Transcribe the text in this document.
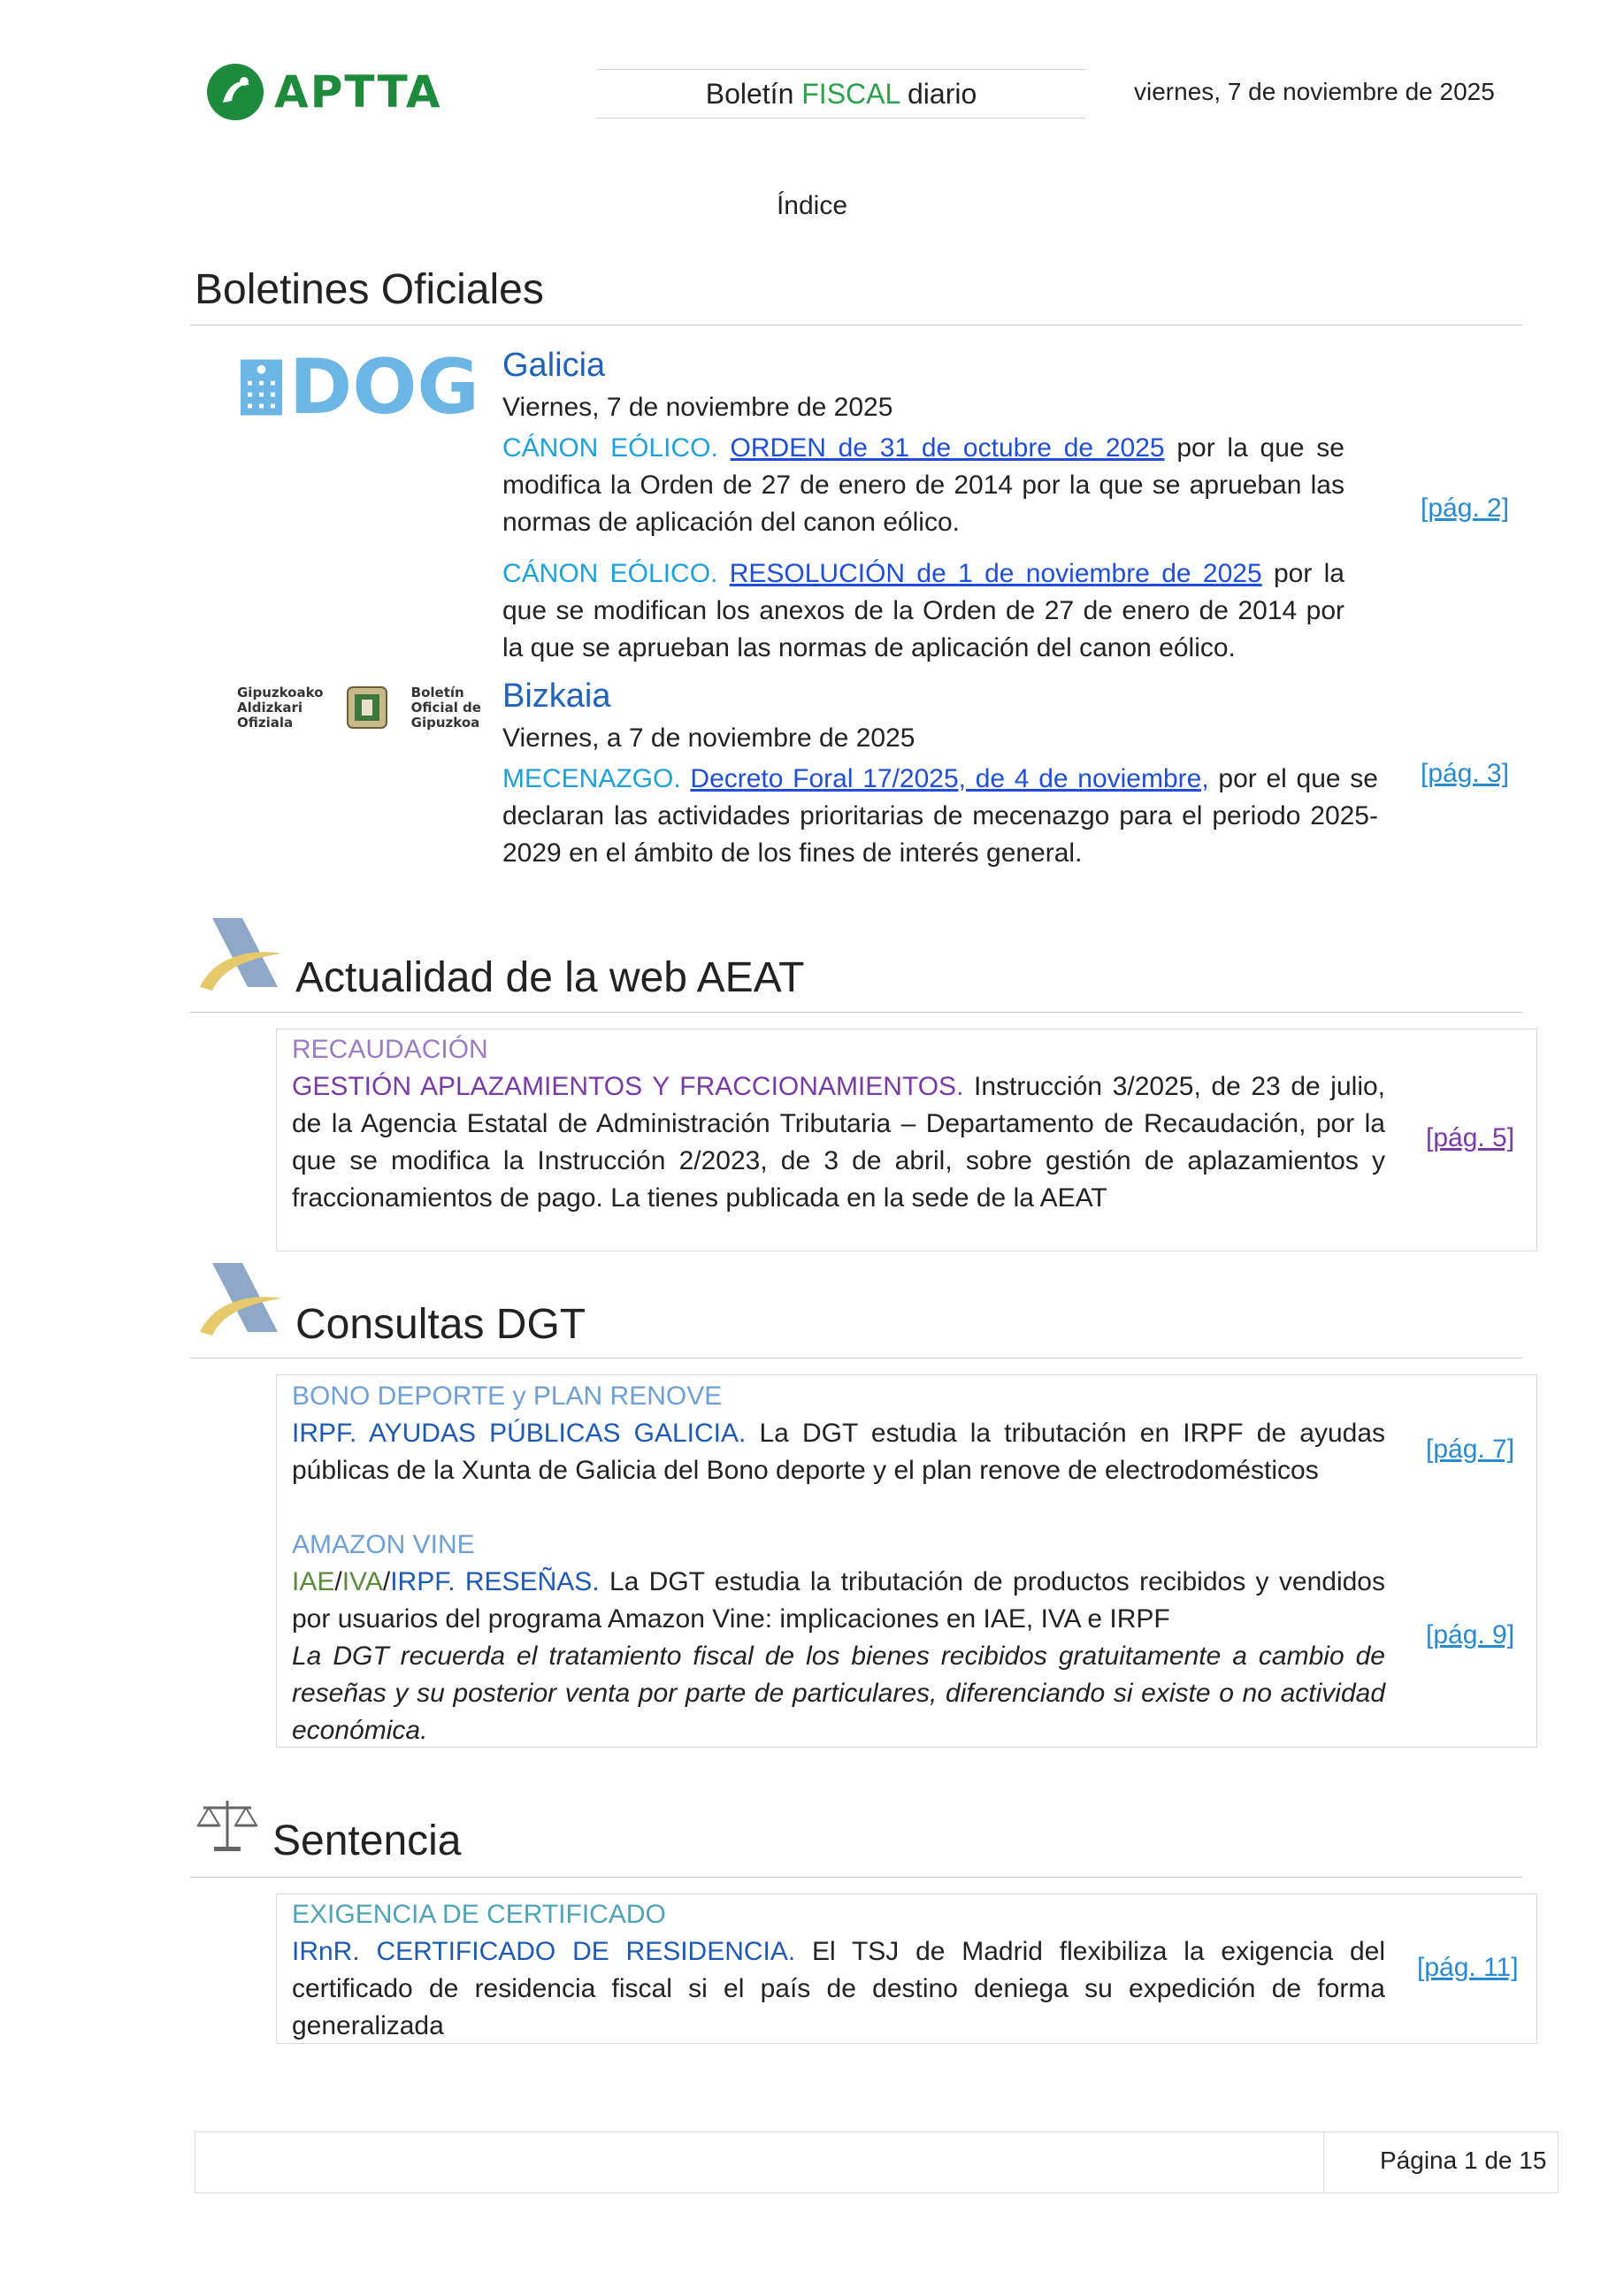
APTTA	Boletín FISCAL diario	viernes, 7 de noviembre de 2025
Índice
Boletines Oficiales
DOG Galicia
Viernes, 7 de noviembre de 2025
CÁNON EÓLICO. ORDEN de 31 de octubre de 2025 por la que se modifica la Orden de 27 de enero de 2014 por la que se aprueban las normas de aplicación del canon eólico.
CÁNON EÓLICO. RESOLUCIÓN de 1 de noviembre de 2025 por la que se modifican los anexos de la Orden de 27 de enero de 2014 por la que se aprueban las normas de aplicación del canon eólico.
[pág. 2]
Gipuzkoako
Aldizkari
Ofiziala
Boletín
Oficial de
Gipuzkoa
Bizkaia
Viernes, a 7 de noviembre de 2025
MECENAZGO. Decreto Foral 17/2025, de 4 de noviembre, por el que se declaran las actividades prioritarias de mecenazgo para el periodo 2025-2029 en el ámbito de los fines de interés general.
[pág. 3]
Actualidad de la web AEAT
RECAUDACIÓN
GESTIÓN APLAZAMIENTOS Y FRACCIONAMIENTOS. Instrucción 3/2025, de 23 de julio, de la Agencia Estatal de Administración Tributaria – Departamento de Recaudación, por la que se modifica la Instrucción 2/2023, de 3 de abril, sobre gestión de aplazamientos y fraccionamientos de pago. La tienes publicada en la sede de la AEAT
[pág. 5]
Consultas DGT
BONO DEPORTE y PLAN RENOVE
IRPF. AYUDAS PÚBLICAS GALICIA. La DGT estudia la tributación en IRPF de ayudas públicas de la Xunta de Galicia del Bono deporte y el plan renove de electrodomésticos
[pág. 7]
AMAZON VINE
IAE/IVA/IRPF. RESEÑAS. La DGT estudia la tributación de productos recibidos y vendidos por usuarios del programa Amazon Vine: implicaciones en IAE, IVA e IRPF
La DGT recuerda el tratamiento fiscal de los bienes recibidos gratuitamente a cambio de reseñas y su posterior venta por parte de particulares, diferenciando si existe o no actividad económica.
[pág. 9]
Sentencia
EXIGENCIA DE CERTIFICADO
IRnR. CERTIFICADO DE RESIDENCIA. El TSJ de Madrid flexibiliza la exigencia del certificado de residencia fiscal si el país de destino deniega su expedición de forma generalizada
[pág. 11]
Página 1 de 15
